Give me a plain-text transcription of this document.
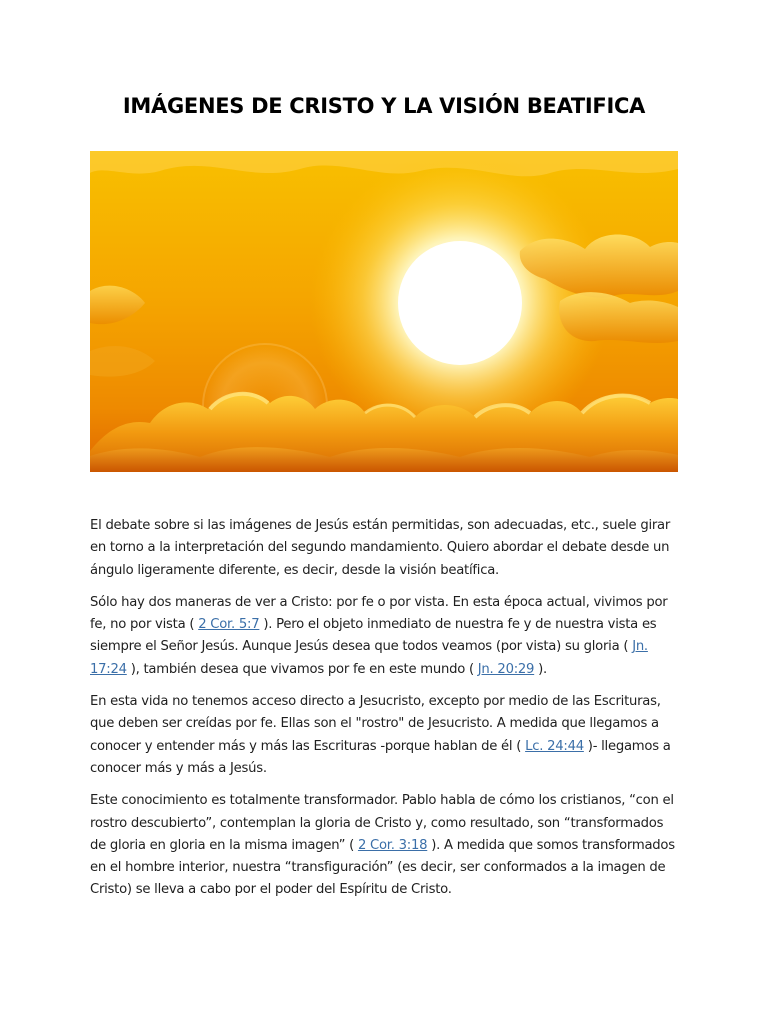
IMÁGENES DE CRISTO Y LA VISIÓN BEATIFICA

El debate sobre si las imágenes de Jesús están permitidas, son adecuadas, etc., suele girar en torno a la interpretación del segundo mandamiento. Quiero abordar el debate desde un ángulo ligeramente diferente, es decir, desde la visión beatífica.

Sólo hay dos maneras de ver a Cristo: por fe o por vista. En esta época actual, vivimos por fe, no por vista ( 2 Cor. 5:7 ). Pero el objeto inmediato de nuestra fe y de nuestra vista es siempre el Señor Jesús. Aunque Jesús desea que todos veamos (por vista) su gloria ( Jn. 17:24 ), también desea que vivamos por fe en este mundo ( Jn. 20:29 ).

En esta vida no tenemos acceso directo a Jesucristo, excepto por medio de las Escrituras, que deben ser creídas por fe. Ellas son el "rostro" de Jesucristo. A medida que llegamos a conocer y entender más y más las Escrituras -porque hablan de él ( Lc. 24:44 )- llegamos a conocer más y más a Jesús.

Este conocimiento es totalmente transformador. Pablo habla de cómo los cristianos, “con el rostro descubierto”, contemplan la gloria de Cristo y, como resultado, son “transformados de gloria en gloria en la misma imagen” ( 2 Cor. 3:18 ). A medida que somos transformados en el hombre interior, nuestra “transfiguración” (es decir, ser conformados a la imagen de Cristo) se lleva a cabo por el poder del Espíritu de Cristo.
